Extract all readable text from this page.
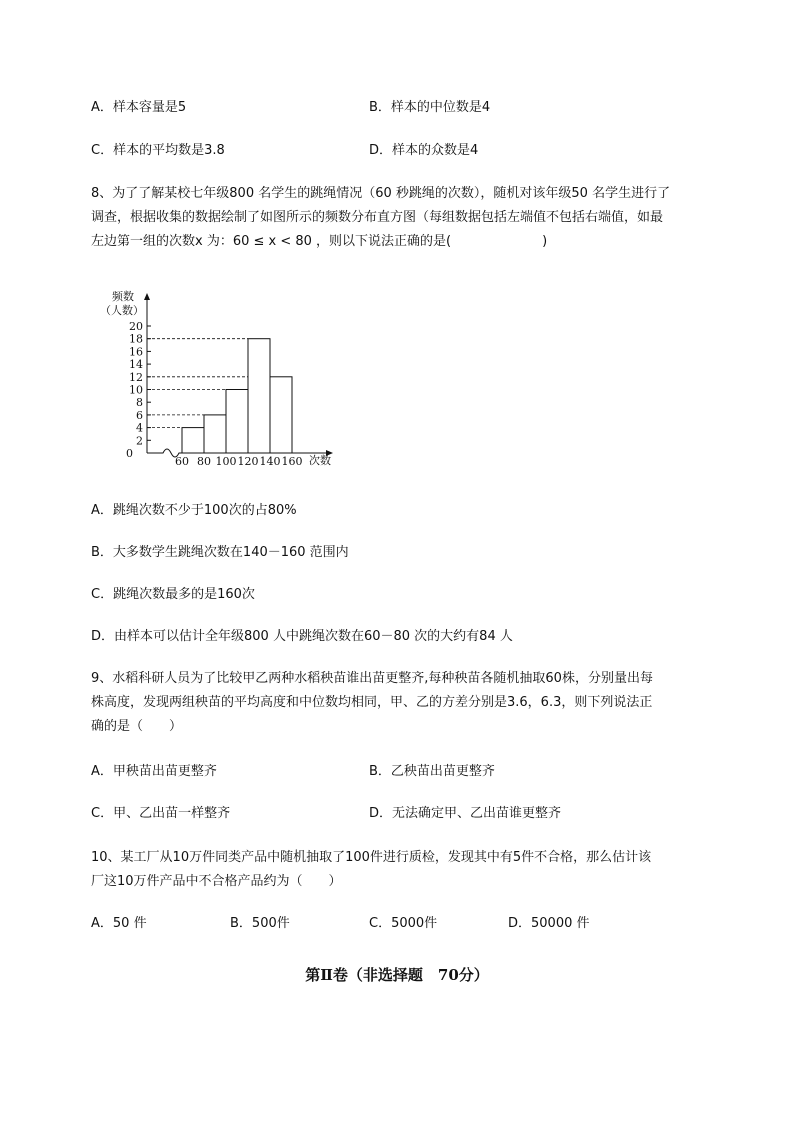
A．样本容量是5	B．样本的中位数是4
C．样本的平均数是3.8	D．样本的众数是4
8、为了了解某校七年级800 名学生的跳绳情况（60 秒跳绳的次数），随机对该年级50 名学生进行了
调查，根据收集的数据绘制了如图所示的频数分布直方图（每组数据包括左端值不包括右端值，如最
左边第一组的次数x 为：60 ≤ x < 80 ，则以下说法正确的是(　　　　　　　)
频数
（人数）
2
4
6
8
10
12
14
16
18
20
0
60 80 100 120 140 160 次数
A．跳绳次数不少于100次的占80%
B．大多数学生跳绳次数在140－160 范围内
C．跳绳次数最多的是160次
D．由样本可以估计全年级800 人中跳绳次数在60－80 次的大约有84 人
9、水稻科研人员为了比较甲乙两种水稻秧苗谁出苗更整齐,每种秧苗各随机抽取60株，分别量出每
株高度，发现两组秧苗的平均高度和中位数均相同，甲、乙的方差分别是3.6，6.3，则下列说法正
确的是（　　）
A．甲秧苗出苗更整齐	B．乙秧苗出苗更整齐
C．甲、乙出苗一样整齐	D．无法确定甲、乙出苗谁更整齐
10、某工厂从10万件同类产品中随机抽取了100件进行质检，发现其中有5件不合格，那么估计该
厂这10万件产品中不合格产品约为（　　）
A．50 件	B．500件	C．5000件	D．50000 件
第Ⅱ卷（非选择题　70分）
